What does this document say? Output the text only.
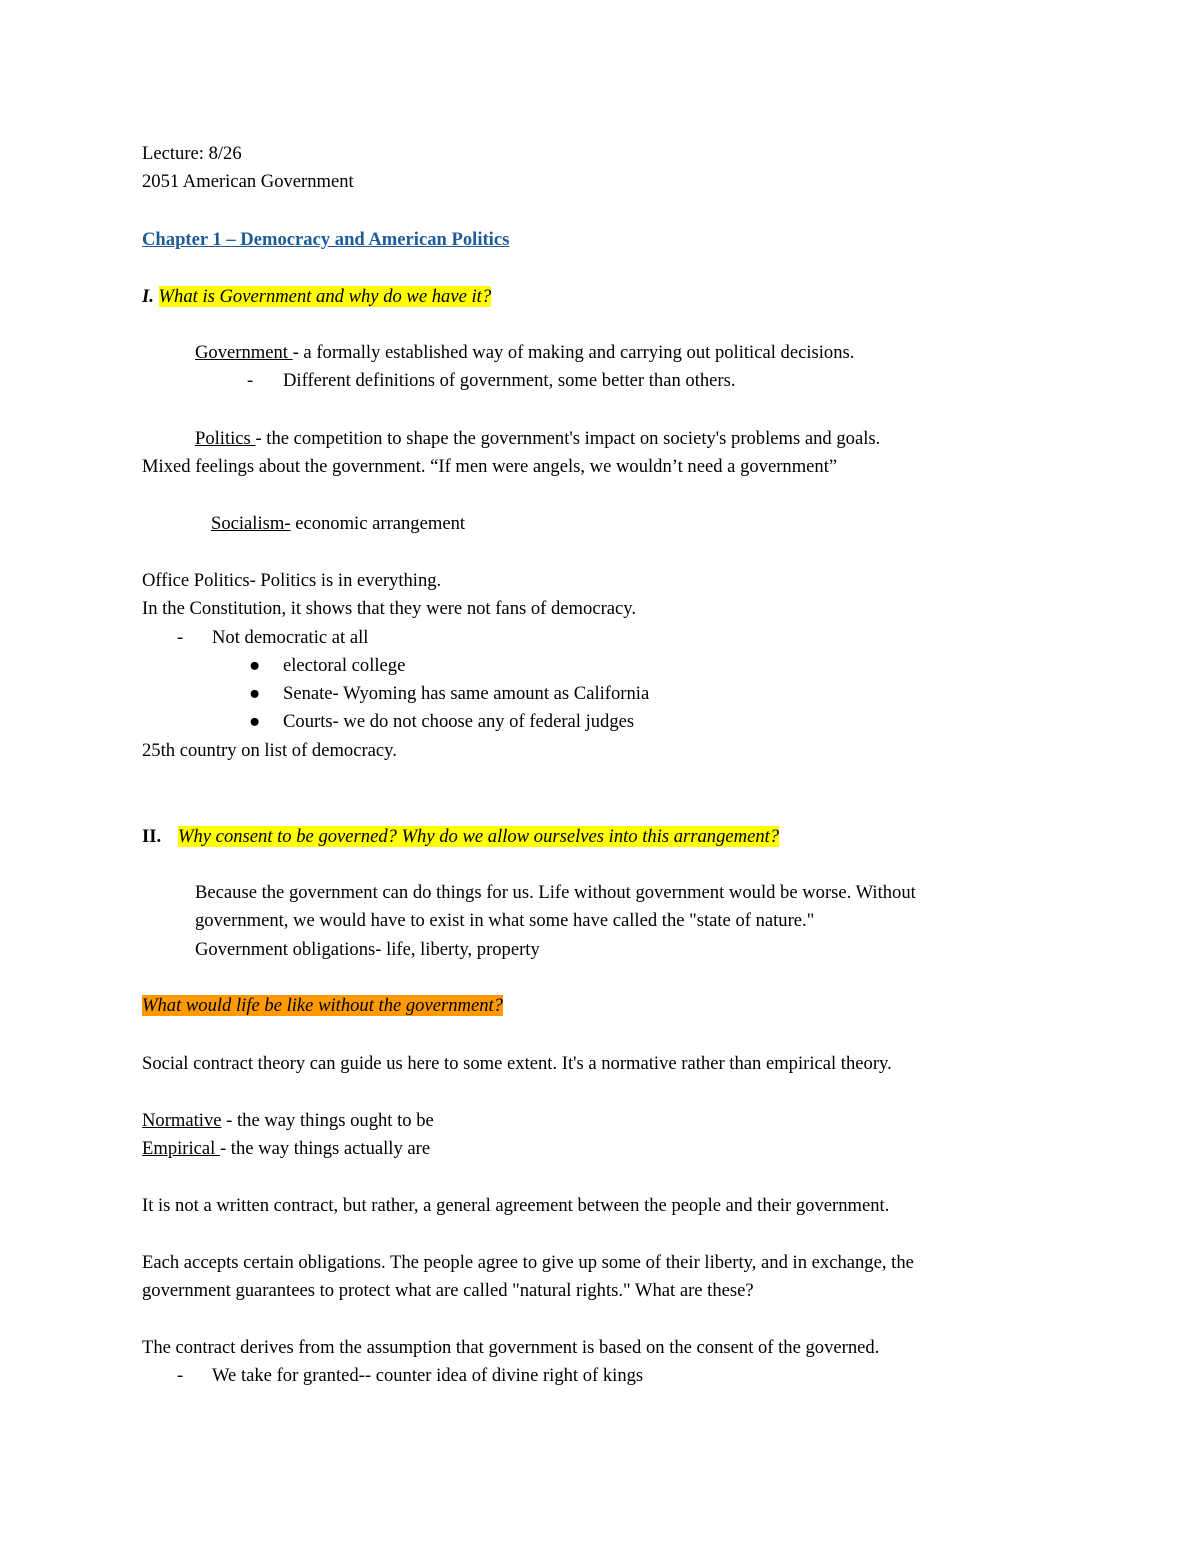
Lecture: 8/26
2051 American Government
Chapter 1 – Democracy and American Politics
I. What is Government and why do we have it?
Government - a formally established way of making and carrying out political decisions.
- Different definitions of government, some better than others.
Politics - the competition to shape the government's impact on society's problems and goals.
Mixed feelings about the government. “If men were angels, we wouldn’t need a government”
Socialism- economic arrangement
Office Politics- Politics is in everything.
In the Constitution, it shows that they were not fans of democracy.
- Not democratic at all
● electoral college
● Senate- Wyoming has same amount as California
● Courts- we do not choose any of federal judges
25th country on list of democracy.
II. Why consent to be governed? Why do we allow ourselves into this arrangement?
Because the government can do things for us. Life without government would be worse. Without
government, we would have to exist in what some have called the "state of nature."
Government obligations- life, liberty, property
What would life be like without the government?
Social contract theory can guide us here to some extent. It's a normative rather than empirical theory.
Normative - the way things ought to be
Empirical - the way things actually are
It is not a written contract, but rather, a general agreement between the people and their government.
Each accepts certain obligations. The people agree to give up some of their liberty, and in exchange, the
government guarantees to protect what are called "natural rights." What are these?
The contract derives from the assumption that government is based on the consent of the governed.
- We take for granted-- counter idea of divine right of kings
